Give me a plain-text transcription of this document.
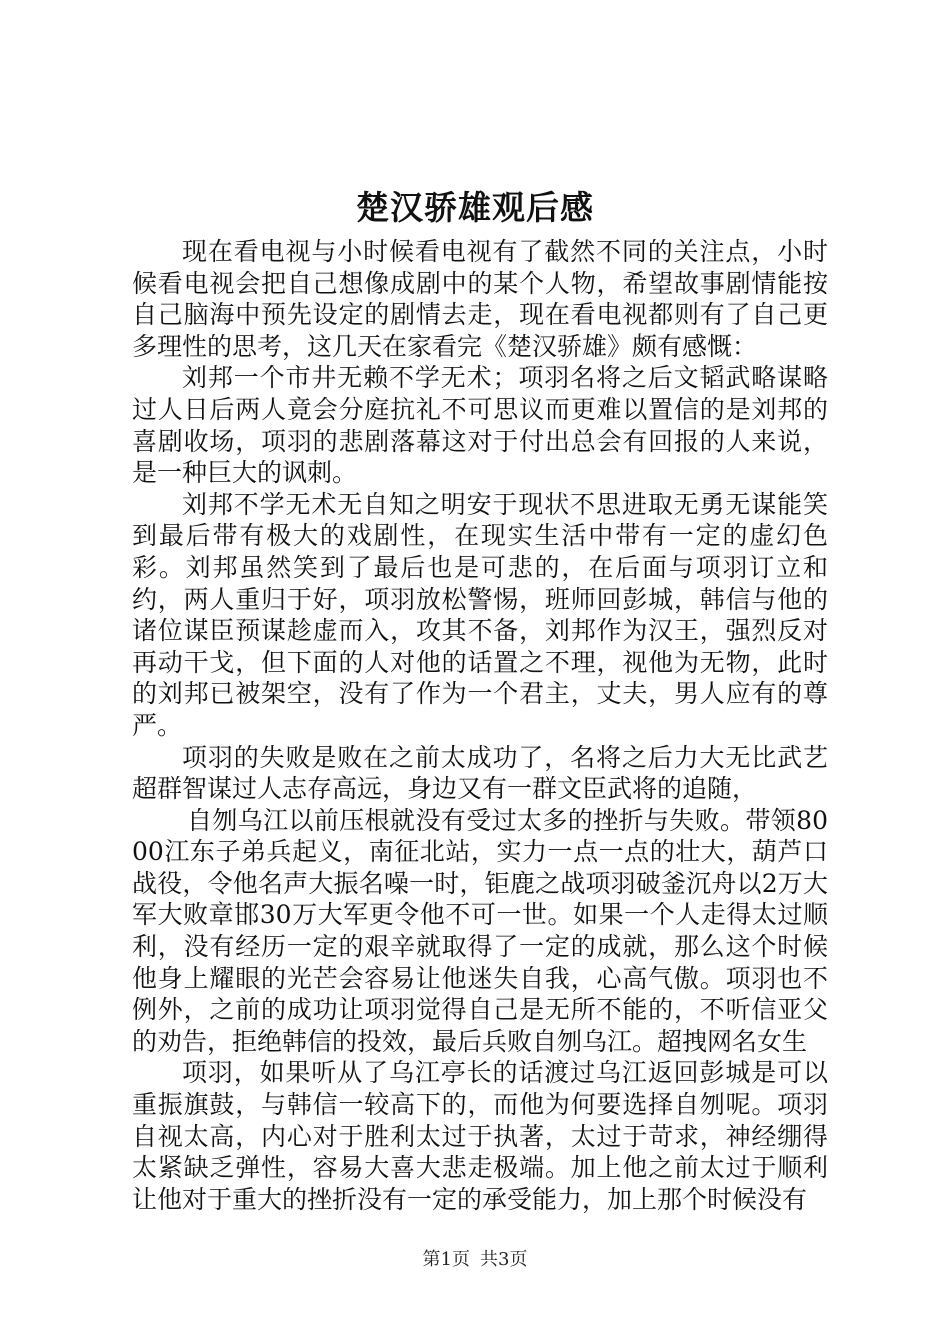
楚汉骄雄观后感

现在看电视与小时候看电视有了截然不同的关注点，小时候看电视会把自己想像成剧中的某个人物，希望故事剧情能按自己脑海中预先设定的剧情去走，现在看电视都则有了自己更多理性的思考，这几天在家看完《楚汉骄雄》颇有感慨：

刘邦一个市井无赖不学无术；项羽名将之后文韬武略谋略过人日后两人竟会分庭抗礼不可思议而更难以置信的是刘邦的喜剧收场，项羽的悲剧落幕这对于付出总会有回报的人来说，是一种巨大的讽刺。

刘邦不学无术无自知之明安于现状不思进取无勇无谋能笑到最后带有极大的戏剧性，在现实生活中带有一定的虚幻色彩。刘邦虽然笑到了最后也是可悲的，在后面与项羽订立和约，两人重归于好，项羽放松警惕，班师回彭城，韩信与他的诸位谋臣预谋趁虚而入，攻其不备，刘邦作为汉王，强烈反对再动干戈，但下面的人对他的话置之不理，视他为无物，此时的刘邦已被架空，没有了作为一个君主，丈夫，男人应有的尊严。

项羽的失败是败在之前太成功了，名将之后力大无比武艺超群智谋过人志存高远，身边又有一群文臣武将的追随，

自刎乌江以前压根就没有受过太多的挫折与失败。带领8000江东子弟兵起义，南征北站，实力一点一点的壮大，葫芦口战役，令他名声大振名噪一时，钜鹿之战项羽破釜沉舟以2万大军大败章邯30万大军更令他不可一世。如果一个人走得太过顺利，没有经历一定的艰辛就取得了一定的成就，那么这个时候他身上耀眼的光芒会容易让他迷失自我，心高气傲。项羽也不例外，之前的成功让项羽觉得自己是无所不能的，不听信亚父的劝告，拒绝韩信的投效，最后兵败自刎乌江。超拽网名女生

项羽，如果听从了乌江亭长的话渡过乌江返回彭城是可以重振旗鼓，与韩信一较高下的，而他为何要选择自刎呢。项羽自视太高，内心对于胜利太过于执著，太过于苛求，神经绷得太紧缺乏弹性，容易大喜大悲走极端。加上他之前太过于顺利让他对于重大的挫折没有一定的承受能力，加上那个时候没有

第1页 共3页
